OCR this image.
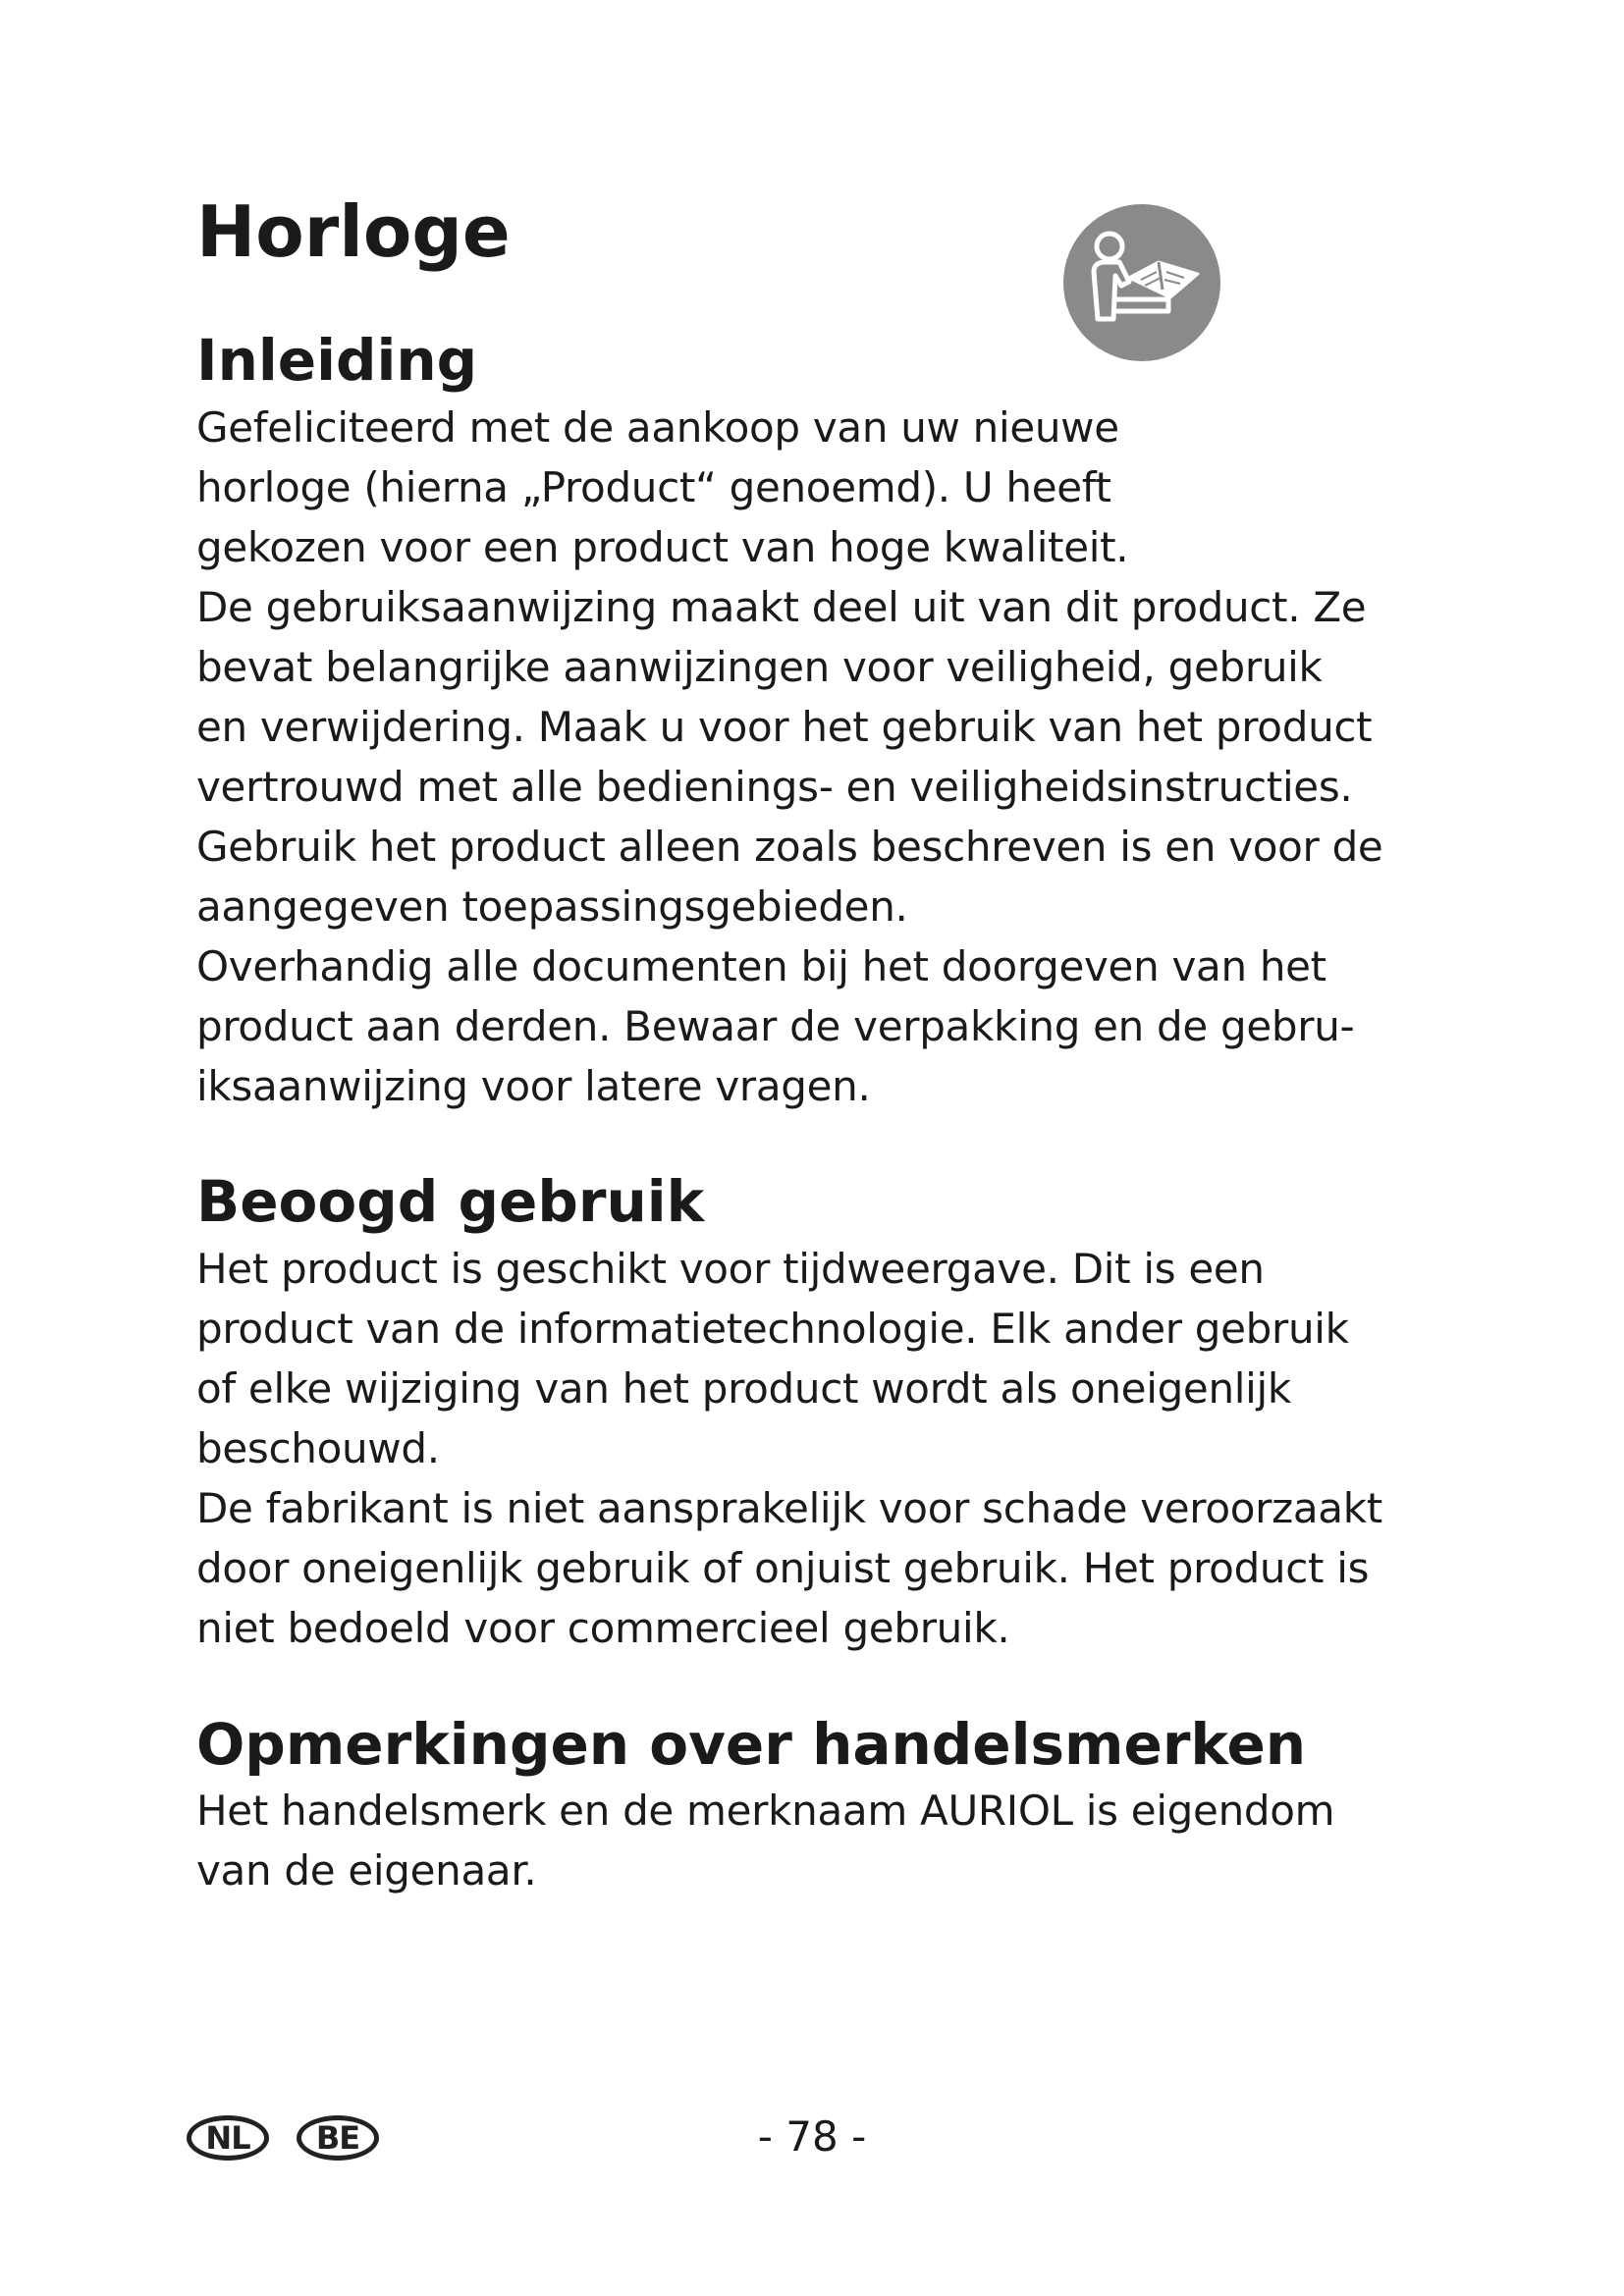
Horloge
Inleiding
Gefeliciteerd met de aankoop van uw nieuwe
horloge (hierna „Product“ genoemd). U heeft
gekozen voor een product van hoge kwaliteit.
De gebruiksaanwijzing maakt deel uit van dit product. Ze
bevat belangrijke aanwijzingen voor veiligheid, gebruik
en verwijdering. Maak u voor het gebruik van het product
vertrouwd met alle bedienings- en veiligheidsinstructies.
Gebruik het product alleen zoals beschreven is en voor de
aangegeven toepassingsgebieden.
Overhandig alle documenten bij het doorgeven van het
product aan derden. Bewaar de verpakking en de gebru-
iksaanwijzing voor latere vragen.
Beoogd gebruik
Het product is geschikt voor tijdweergave. Dit is een
product van de informatietechnologie. Elk ander gebruik
of elke wijziging van het product wordt als oneigenlijk
beschouwd.
De fabrikant is niet aansprakelijk voor schade veroorzaakt
door oneigenlijk gebruik of onjuist gebruik. Het product is
niet bedoeld voor commercieel gebruik.
Opmerkingen over handelsmerken
Het handelsmerk en de merknaam AURIOL is eigendom
van de eigenaar.
NL	BE	- 78 -
